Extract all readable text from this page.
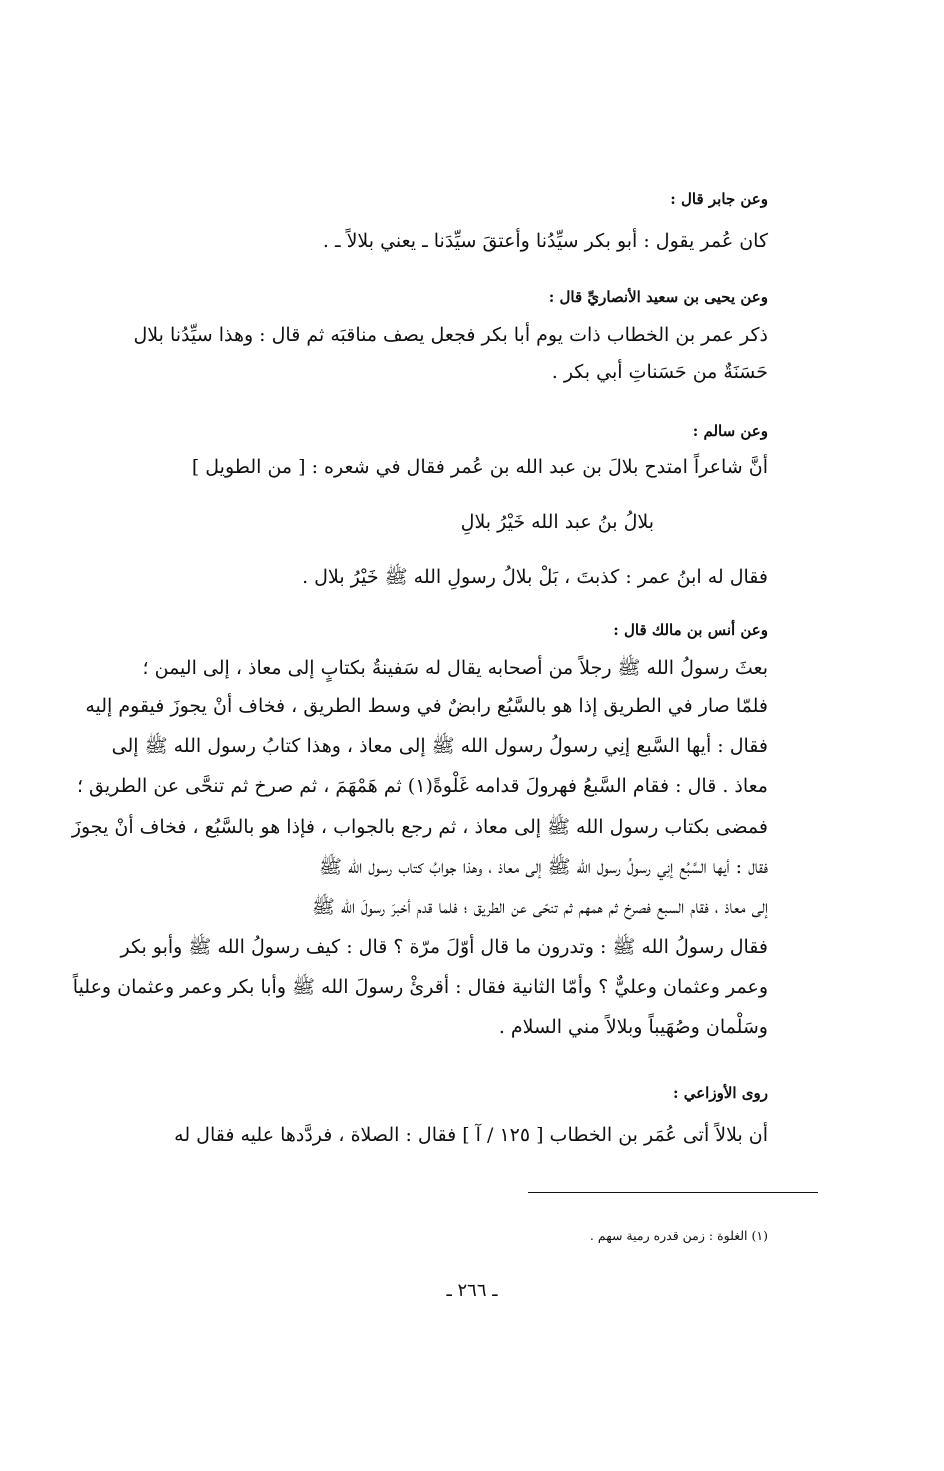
وعن جابر قال :
كان عُمر يقول : أبو بكر سيِّدُنا وأعتقَ سيِّدَنا ـ يعني بلالاً ـ .
وعن يحيى بن سعيد الأنصاريِّ قال :
ذكر عمر بن الخطاب ذات يوم أبا بكر فجعل يصف مناقبَه ثم قال : وهذا سيِّدُنا بلال
حَسَنَةٌ من حَسَناتِ أبي بكر .
وعن سالم :
أنَّ شاعراً امتدح بلالَ بن عبد الله بن عُمر فقال في شعره : [ من الطويل ]
بلالُ بنُ عبد الله خَيْرُ بلالِ
فقال له ابنُ عمر : كذبتَ ، بَلْ بلالُ رسولِ الله ﷺ خَيْرُ بلال .
وعن أنس بن مالك قال :
بعثَ رسولُ الله ﷺ رجلاً من أصحابه يقال له سَفينةُ بكتابٍ إلى معاذ ، إلى اليمن ؛
فلمّا صار في الطريق إذا هو بالسَّبُع رابضٌ في وسط الطريق ، فخاف أنْ يجوزَ فيقوم إليه
فقال : أيها السَّبع إنِي رسولُ رسول الله ﷺ إلى معاذ ، وهذا كتابُ رسول الله ﷺ إلى
معاذ . قال : فقام السَّبعُ فهرولَ قدامه غَلْوةً(١) ثم هَمْهَمَ ، ثم صرخ ثم تنحَّى عن الطريق ؛
فمضى بكتاب رسول الله ﷺ إلى معاذ ، ثم رجع بالجواب ، فإذا هو بالسَّبُع ، فخاف أنْ يجوزَ
فقال : أيها السَّبُع إنِي رسولُ رسول الله ﷺ إلى معاذ ، وهذا جوابُ كتاب رسول الله ﷺ
إلى معاذ ، فقام السبع فصرخ ثم همهم ثم تنحّى عن الطريق ؛ فلما قدم أخبرَ رسولَ الله ﷺ
فقال رسولُ الله ﷺ : وتدرون ما قال أوّلَ مرّة ؟ قال : كيف رسولُ الله ﷺ وأبو بكر
وعمر وعثمان وعليٌّ ؟ وأمّا الثانية فقال : أقرئْ رسولَ الله ﷺ وأبا بكر وعمر وعثمان وعلياً
وسَلْمان وصُهَيباً وبلالاً مني السلام .
روى الأوزاعي :
أن بلالاً أتى عُمَر بن الخطاب [ ١٢٥ / آ ] فقال : الصلاة ، فردَّدها عليه فقال له
(١) الغلوة : زمن قدره رمية سهم .
ـ ٢٦٦ ـ
